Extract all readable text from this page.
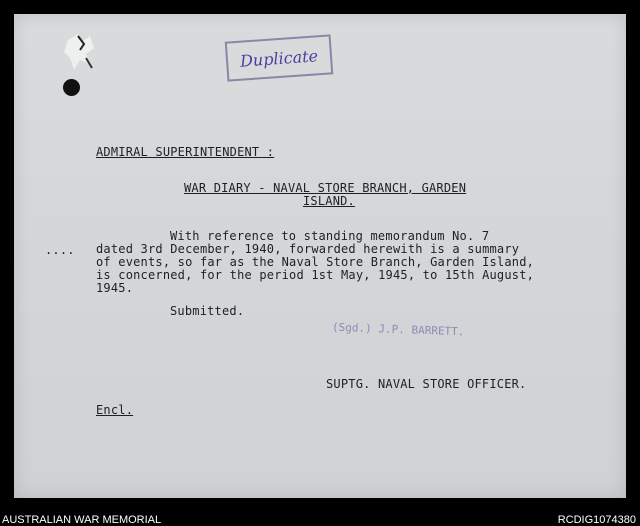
Duplicate
ADMIRAL SUPERINTENDENT :
WAR DIARY - NAVAL STORE BRANCH, GARDEN
ISLAND.
....
With reference to standing memorandum No. 7
dated 3rd December, 1940, forwarded herewith is a summary
of events, so far as the Naval Store Branch, Garden Island,
is concerned, for the period 1st May, 1945, to 15th August,
1945.
Submitted.
(Sgd.) J.P. BARRETT.
SUPTG. NAVAL STORE OFFICER.
Encl.
AUSTRALIAN WAR MEMORIAL	RCDIG1074380
